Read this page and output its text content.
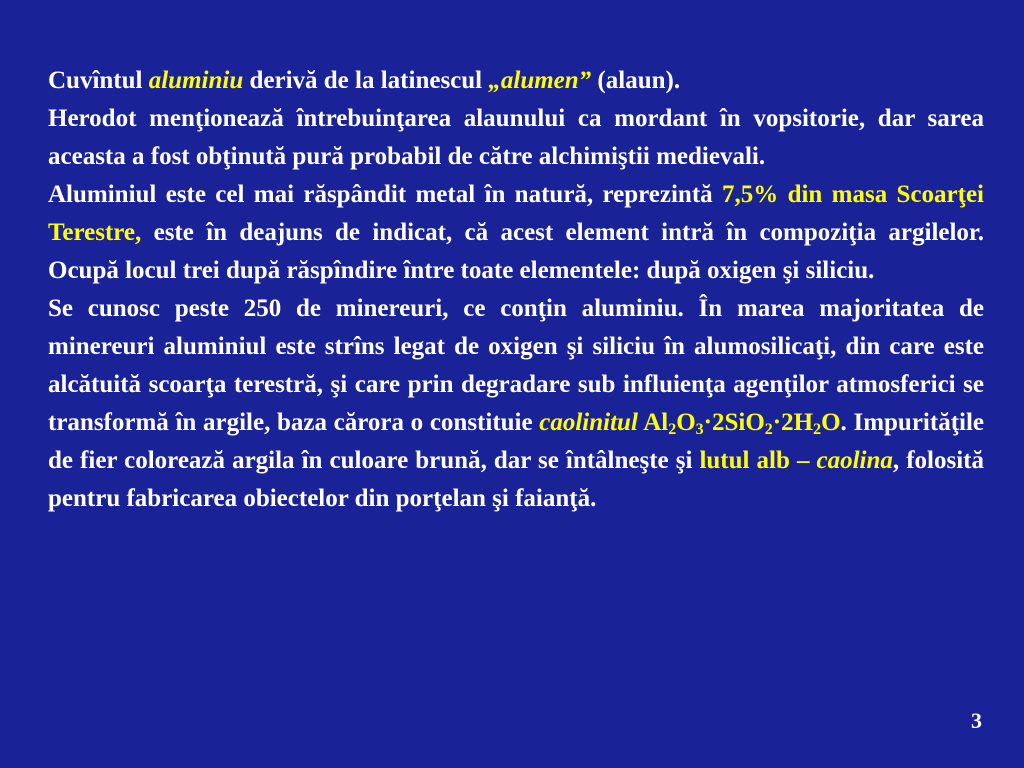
Cuvîntul aluminiu derivă de la latinescul „alumen” (alaun).

Herodot menţionează întrebuinţarea alaunului ca mordant în vopsitorie, dar sarea aceasta a fost obţinută pură probabil de către alchimiştii medievali.

Aluminiul este cel mai răspândit metal în natură, reprezintă 7,5% din masa Scoarţei Terestre, este în deajuns de indicat, că acest element intră în compoziţia argilelor. Ocupă locul trei după răspîndire între toate elementele: după oxigen şi siliciu.

Se cunosc peste 250 de minereuri, ce conţin aluminiu. În marea majoritatea de minereuri aluminiul este strîns legat de oxigen şi siliciu în alumosilicaţi, din care este alcătuită scoarţa terestră, şi care prin degradare sub influienţa agenţilor atmosferici se transformă în argile, baza cărora o constituie caolinitul $Al_2O_3\cdot 2SiO_2\cdot 2H_2O$. Impurităţile de fier colorează argila în culoare brună, dar se întâlneşte şi lutul alb – caolina, folosită pentru fabricarea obiectelor din porţelan şi faianţă.

3
